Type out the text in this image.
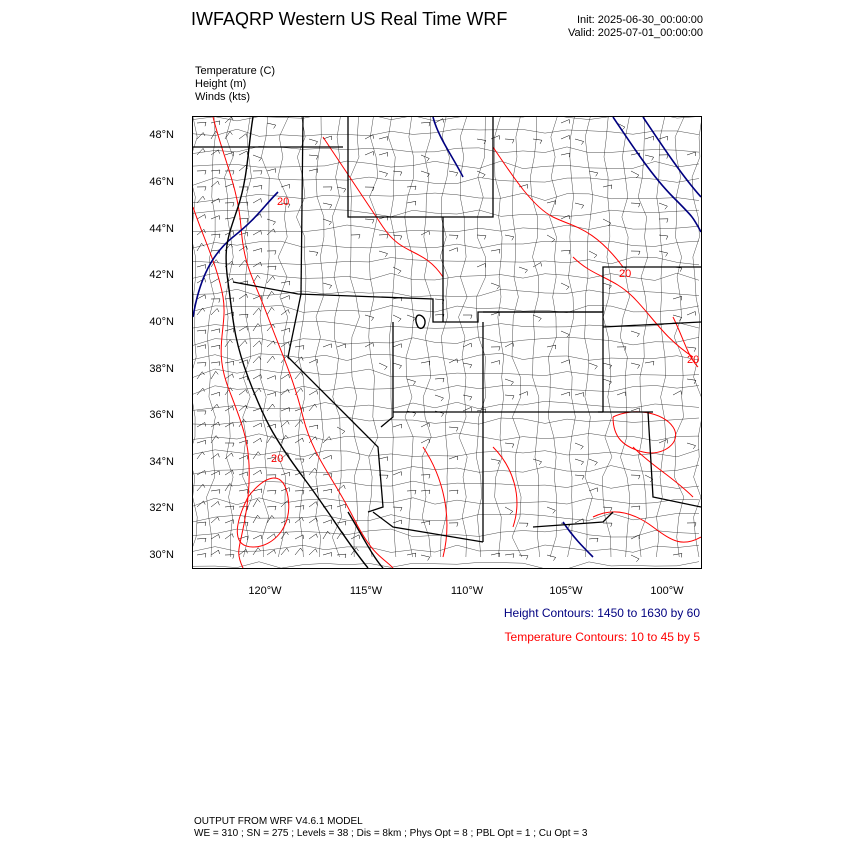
IWFAQRP Western US Real Time WRF	Init: 2025-06-30_00:00:00
Valid: 2025-07-01_00:00:00
Temperature (C)
Height (m)
Winds (kts)
48°N
46°N
44°N
42°N
40°N
38°N
36°N
34°N
32°N
30°N
20
20
20
20
120°W	115°W	110°W	105°W	100°W
Height Contours: 1450 to 1630 by 60
Temperature Contours: 10 to 45 by 5
OUTPUT FROM WRF V4.6.1 MODEL
WE = 310 ; SN = 275 ; Levels = 38 ; Dis = 8km ; Phys Opt = 8 ; PBL Opt = 1 ; Cu Opt = 3
